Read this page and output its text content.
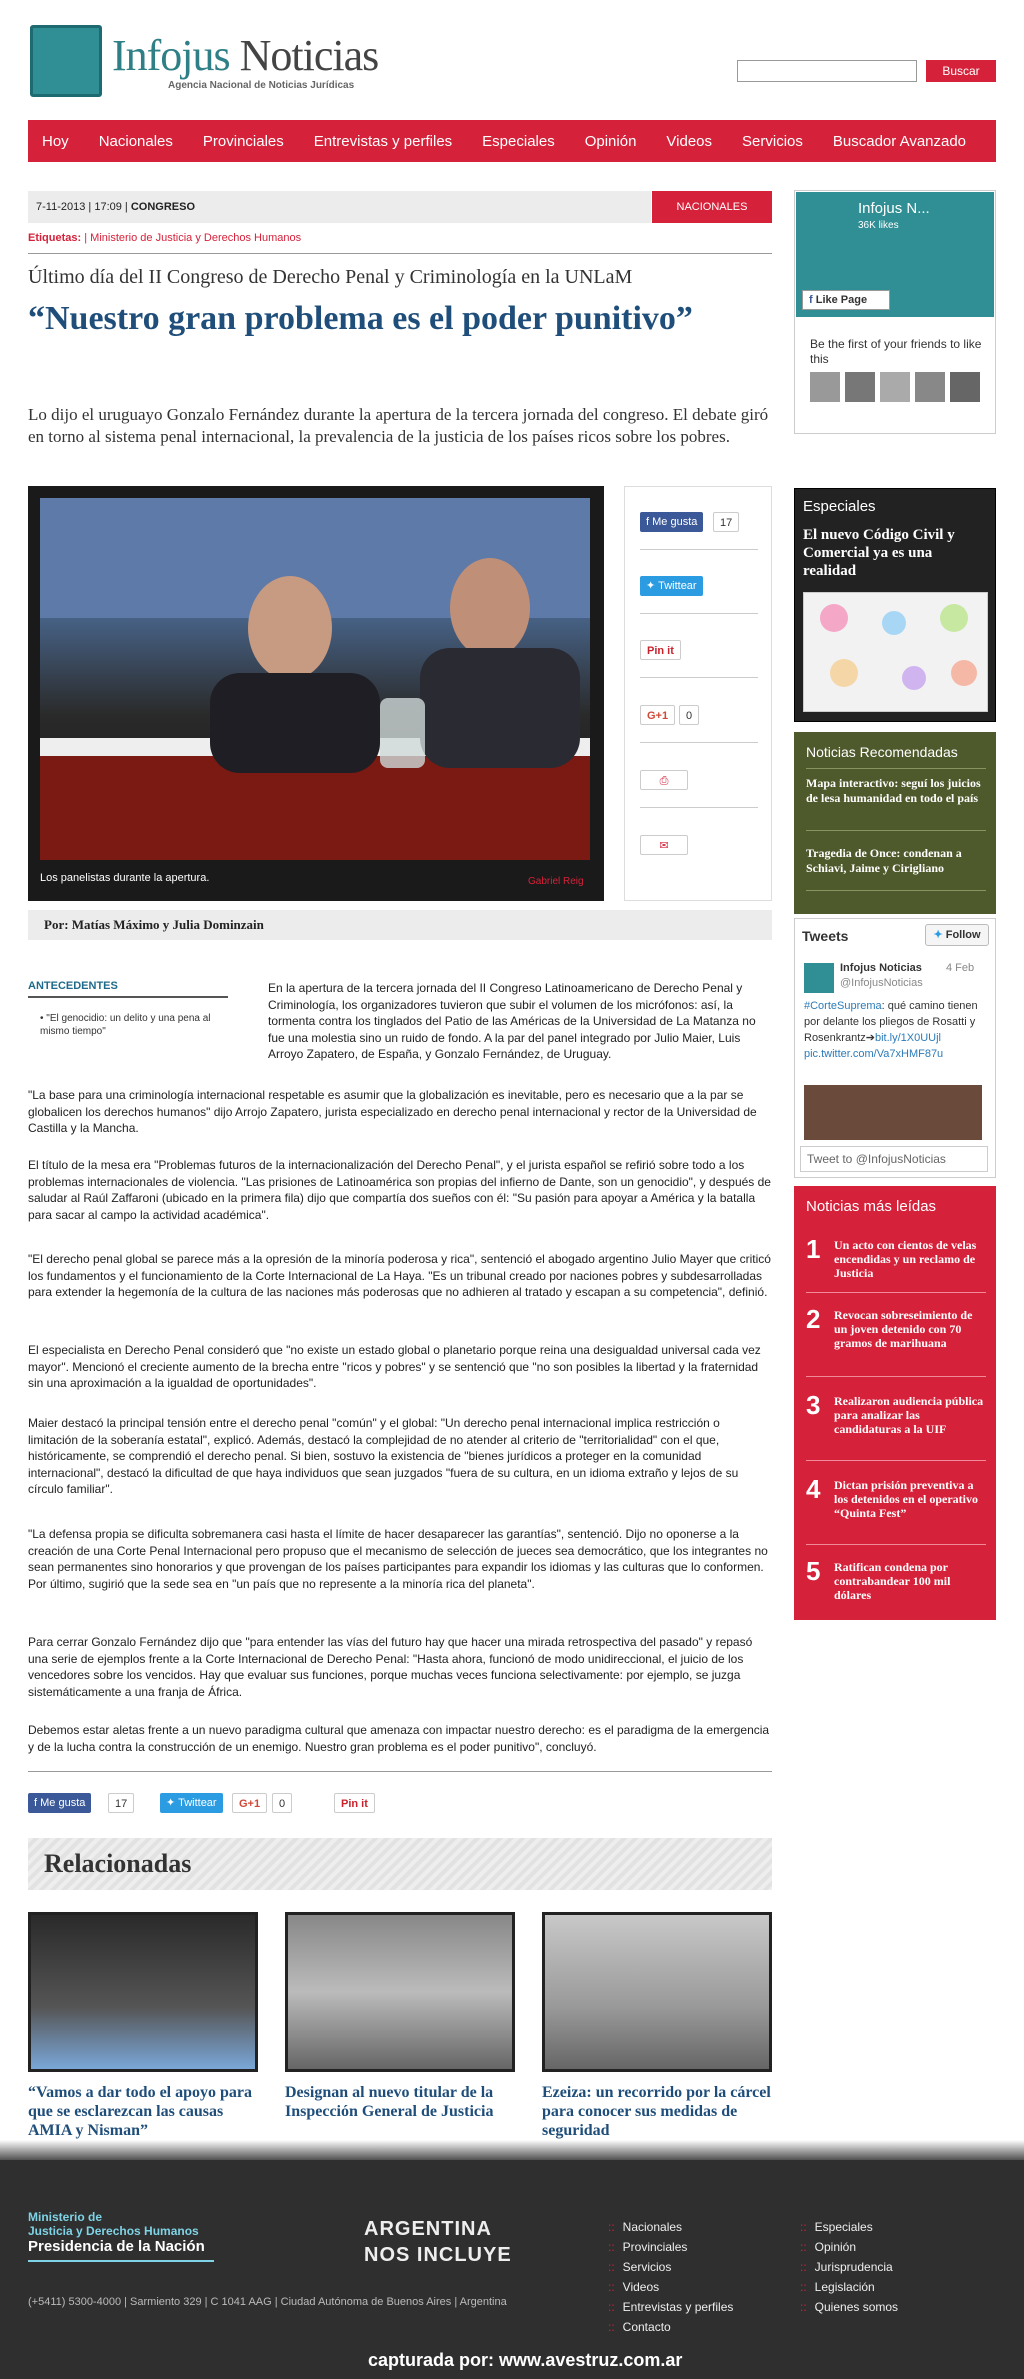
Infojus Noticias
Agencia Nacional de Noticias Jurídicas
Buscar
Hoy Nacionales Provinciales Entrevistas y perfiles Especiales Opinión Videos Servicios Buscador Avanzado
7-11-2013 | 17:09 | CONGRESO	NACIONALES
Etiquetas: | Ministerio de Justicia y Derechos Humanos
Último día del II Congreso de Derecho Penal y Criminología en la UNLaM
“Nuestro gran problema es el poder punitivo”
Lo dijo el uruguayo Gonzalo Fernández durante la apertura de la tercera jornada del congreso. El debate giró en torno al sistema penal internacional, la prevalencia de la justicia de los países ricos sobre los pobres.
Los panelistas durante la apertura.	Gabriel Reig
f Me gusta	17
✦ Twittear
Pin it
G+1	0
⎙
✉
Por: Matías Máximo y Julia Dominzain
ANTECEDENTES
• "El genocidio: un delito y una pena al mismo tiempo"
En la apertura de la tercera jornada del II Congreso Latinoamericano de Derecho Penal y Criminología, los organizadores tuvieron que subir el volumen de los micrófonos: así, la tormenta contra los tinglados del Patio de las Américas de la Universidad de La Matanza no fue una molestia sino un ruido de fondo. A la par del panel integrado por Julio Maier, Luis Arroyo Zapatero, de España, y Gonzalo Fernández, de Uruguay.
"La base para una criminología internacional respetable es asumir que la globalización es inevitable, pero es necesario que a la par se globalicen los derechos humanos" dijo Arrojo Zapatero, jurista especializado en derecho penal internacional y rector de la Universidad de Castilla y la Mancha.
El título de la mesa era "Problemas futuros de la internacionalización del Derecho Penal", y el jurista español se refirió sobre todo a los problemas internacionales de violencia. "Las prisiones de Latinoamérica son propias del infierno de Dante, son un genocidio", y después de saludar al Raúl Zaffaroni (ubicado en la primera fila) dijo que compartía dos sueños con él: "Su pasión para apoyar a América y la batalla para sacar al campo la actividad académica".
"El derecho penal global se parece más a la opresión de la minoría poderosa y rica", sentenció el abogado argentino Julio Mayer que criticó los fundamentos y el funcionamiento de la Corte Internacional de La Haya. "Es un tribunal creado por naciones pobres y subdesarrolladas para extender la hegemonía de la cultura de las naciones más poderosas que no adhieren al tratado y escapan a su competencia", definió.
El especialista en Derecho Penal consideró que "no existe un estado global o planetario porque reina una desigualdad universal cada vez mayor". Mencionó el creciente aumento de la brecha entre "ricos y pobres" y se sentenció que "no son posibles la libertad y la fraternidad sin una aproximación a la igualdad de oportunidades".
Maier destacó la principal tensión entre el derecho penal "común" y el global: "Un derecho penal internacional implica restricción o limitación de la soberanía estatal", explicó. Además, destacó la complejidad de no atender al criterio de "territorialidad" con el que, históricamente, se comprendió el derecho penal. Si bien, sostuvo la existencia de "bienes jurídicos a proteger en la comunidad internacional", destacó la dificultad de que haya individuos que sean juzgados "fuera de su cultura, en un idioma extraño y lejos de su círculo familiar".
"La defensa propia se dificulta sobremanera casi hasta el límite de hacer desaparecer las garantías", sentenció. Dijo no oponerse a la creación de una Corte Penal Internacional pero propuso que el mecanismo de selección de jueces sea democrático, que los integrantes no sean permanentes sino honorarios y que provengan de los países participantes para expandir los idiomas y las culturas que lo conformen. Por último, sugirió que la sede sea en "un país que no represente a la minoría rica del planeta".
Para cerrar Gonzalo Fernández dijo que "para entender las vías del futuro hay que hacer una mirada retrospectiva del pasado" y repasó una serie de ejemplos frente a la Corte Internacional de Derecho Penal: "Hasta ahora, funcionó de modo unidireccional, el juicio de los vencedores sobre los vencidos. Hay que evaluar sus funciones, porque muchas veces funciona selectivamente: por ejemplo, se juzga sistemáticamente a una franja de África.
Debemos estar aletas frente a un nuevo paradigma cultural que amenaza con impactar nuestro derecho: es el paradigma de la emergencia y de la lucha contra la construcción de un enemigo. Nuestro gran problema es el poder punitivo", concluyó.
f Me gusta	17	✦ Twittear	G+1	0	Pin it
Relacionadas
“Vamos a dar todo el apoyo para que se esclarezcan las causas AMIA y Nisman”
Designan al nuevo titular de la Inspección General de Justicia
Ezeiza: un recorrido por la cárcel para conocer sus medidas de seguridad
Infojus N...
36K likes
f Like Page
Be the first of your friends to like this
Especiales
El nuevo Código Civil y Comercial ya es una realidad
Noticias Recomendadas
Mapa interactivo: seguí los juicios de lesa humanidad en todo el país
Tragedia de Once: condenan a Schiavi, Jaime y Cirigliano
Tweets	✦ Follow
Infojus Noticias
@InfojusNoticias
4 Feb
#CorteSuprema: qué camino tienen por delante los pliegos de Rosatti y Rosenkrantz➔bit.ly/1X0UUjl pic.twitter.com/Va7xHMF87u
Tweet to @InfojusNoticias
Noticias más leídas
1 Un acto con cientos de velas encendidas y un reclamo de Justicia
2 Revocan sobreseimiento de un joven detenido con 70 gramos de marihuana
3 Realizaron audiencia pública para analizar las candidaturas a la UIF
4 Dictan prisión preventiva a los detenidos en el operativo “Quinta Fest”
5 Ratifican condena por contrabandear 100 mil dólares
Ministerio de
Justicia y Derechos Humanos
Presidencia de la Nación
ARGENTINA
NOS INCLUYE
(+5411) 5300-4000 | Sarmiento 329 | C 1041 AAG | Ciudad Autónoma de Buenos Aires | Argentina
:: Nacionales
:: Provinciales
:: Servicios
:: Videos
:: Entrevistas y perfiles
:: Contacto
:: Especiales
:: Opinión
:: Jurisprudencia
:: Legislación
:: Quienes somos
capturada por: www.avestruz.com.ar
